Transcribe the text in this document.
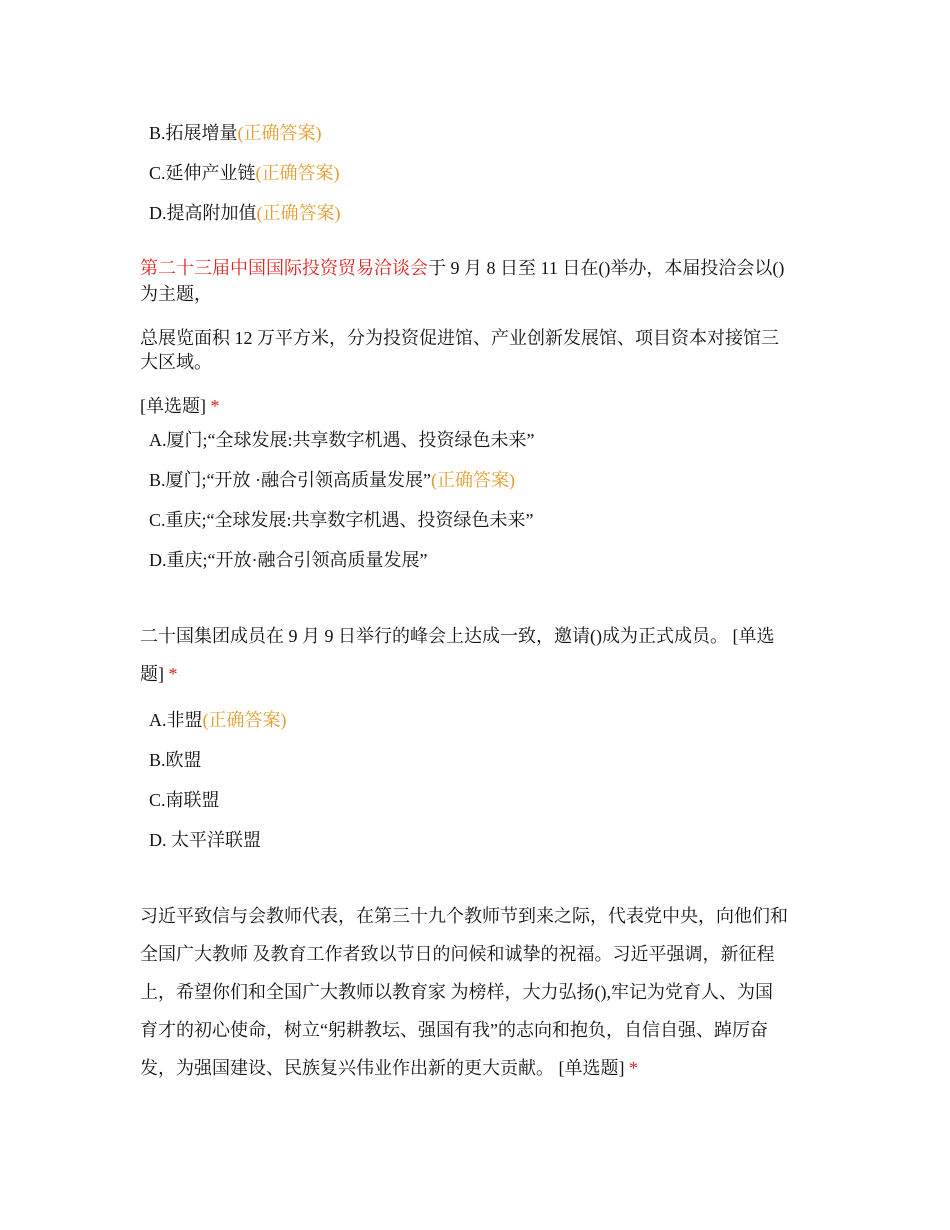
B.拓展增量(正确答案)
C.延伸产业链(正确答案)
D.提高附加值(正确答案)
第二十三届中国国际投资贸易洽谈会于 9 月 8 日至 11 日在()举办，本届投洽会以()
为主题，
总展览面积 12 万平方米，分为投资促进馆、产业创新发展馆、项目资本对接馆三
大区域。
[单选题] *
A.厦门;“全球发展:共享数字机遇、投资绿色未来”
B.厦门;“开放 ·融合引领高质量发展”(正确答案)
C.重庆;“全球发展:共享数字机遇、投资绿色未来”
D.重庆;“开放·融合引领高质量发展”
二十国集团成员在 9 月 9 日举行的峰会上达成一致，邀请()成为正式成员。 [单选
题] *
A.非盟(正确答案)
B.欧盟
C.南联盟
D. 太平洋联盟
习近平致信与会教师代表，在第三十九个教师节到来之际，代表党中央，向他们和
全国广大教师 及教育工作者致以节日的问候和诚挚的祝福。习近平强调，新征程
上，希望你们和全国广大教师以教育家 为榜样，大力弘扬(),牢记为党育人、为国
育才的初心使命，树立“躬耕教坛、强国有我”的志向和抱负，自信自强、踔厉奋
发，为强国建设、民族复兴伟业作出新的更大贡献。 [单选题] *
